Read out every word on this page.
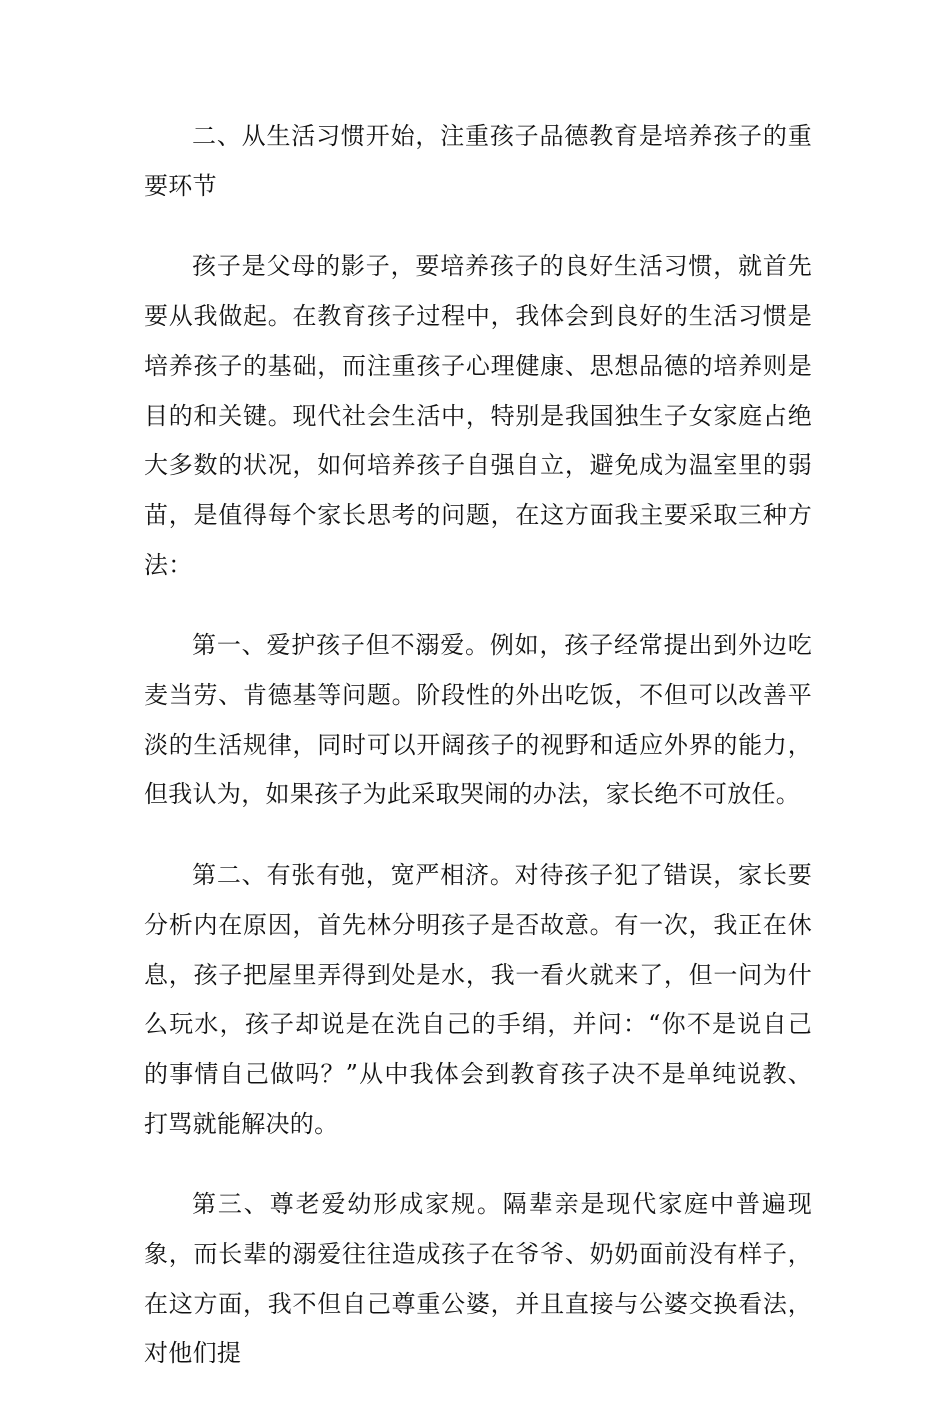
二、从生活习惯开始，注重孩子品德教育是培养孩子的重要环节

孩子是父母的影子，要培养孩子的良好生活习惯，就首先要从我做起。在教育孩子过程中，我体会到良好的生活习惯是培养孩子的基础，而注重孩子心理健康、思想品德的培养则是目的和关键。现代社会生活中，特别是我国独生子女家庭占绝大多数的状况，如何培养孩子自强自立，避免成为温室里的弱苗，是值得每个家长思考的问题，在这方面我主要采取三种方法：

第一、爱护孩子但不溺爱。例如，孩子经常提出到外边吃麦当劳、肯德基等问题。阶段性的外出吃饭，不但可以改善平淡的生活规律，同时可以开阔孩子的视野和适应外界的能力，但我认为，如果孩子为此采取哭闹的办法，家长绝不可放任。

第二、有张有弛，宽严相济。对待孩子犯了错误，家长要分析内在原因，首先林分明孩子是否故意。有一次，我正在休息，孩子把屋里弄得到处是水，我一看火就来了，但一问为什么玩水，孩子却说是在洗自己的手绢，并问：“你不是说自己的事情自己做吗？”从中我体会到教育孩子决不是单纯说教、打骂就能解决的。

第三、尊老爱幼形成家规。隔辈亲是现代家庭中普遍现象，而长辈的溺爱往往造成孩子在爷爷、奶奶面前没有样子，在这方面，我不但自己尊重公婆，并且直接与公婆交换看法，对他们提
